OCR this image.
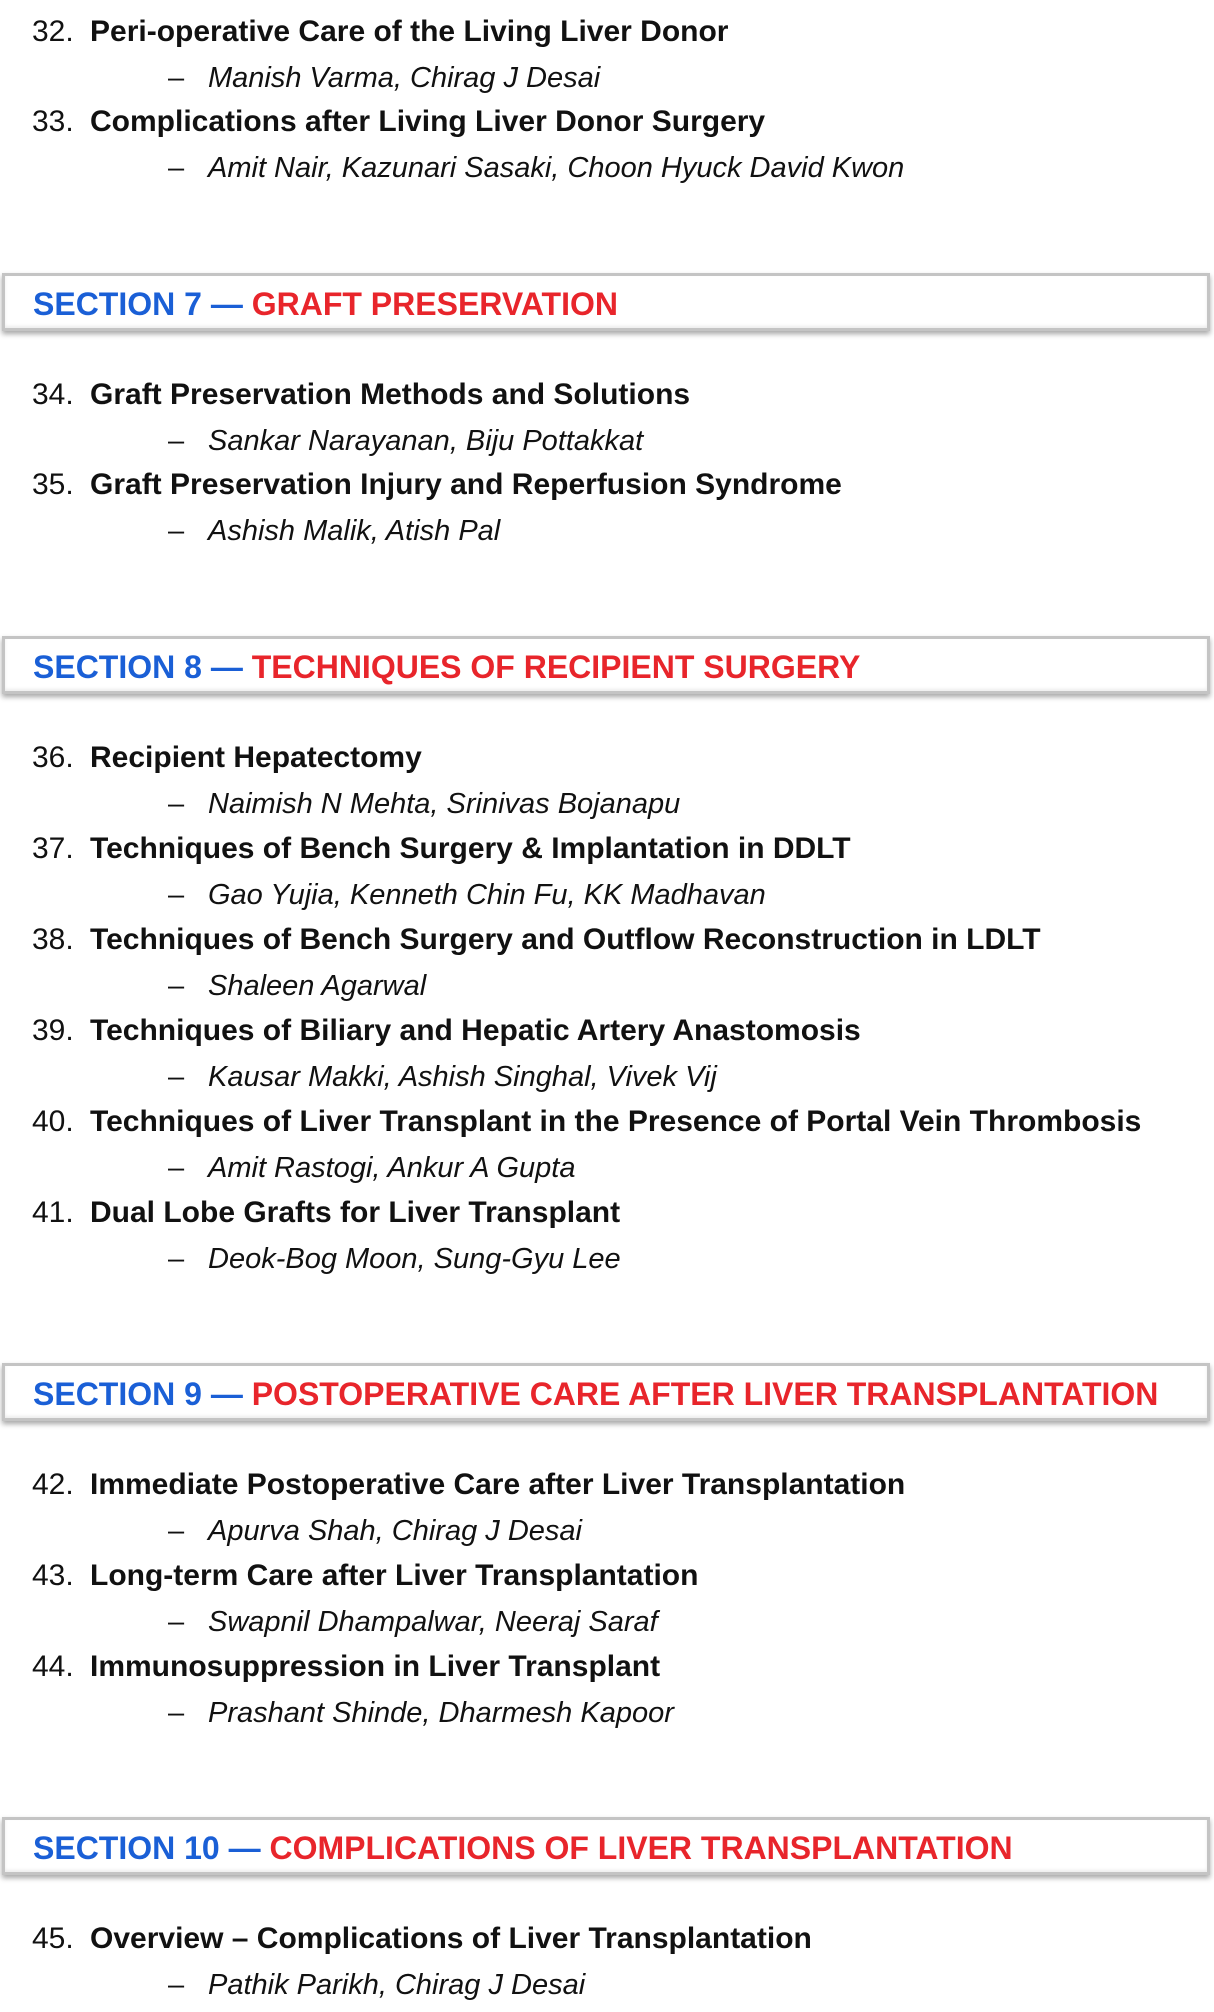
32. Peri-operative Care of the Living Liver Donor
– Manish Varma, Chirag J Desai
33. Complications after Living Liver Donor Surgery
– Amit Nair, Kazunari Sasaki, Choon Hyuck David Kwon
SECTION 7 — GRAFT PRESERVATION
34. Graft Preservation Methods and Solutions
– Sankar Narayanan, Biju Pottakkat
35. Graft Preservation Injury and Reperfusion Syndrome
– Ashish Malik, Atish Pal
SECTION 8 — TECHNIQUES OF RECIPIENT SURGERY
36. Recipient Hepatectomy
– Naimish N Mehta, Srinivas Bojanapu
37. Techniques of Bench Surgery & Implantation in DDLT
– Gao Yujia, Kenneth Chin Fu, KK Madhavan
38. Techniques of Bench Surgery and Outflow Reconstruction in LDLT
– Shaleen Agarwal
39. Techniques of Biliary and Hepatic Artery Anastomosis
– Kausar Makki, Ashish Singhal, Vivek Vij
40. Techniques of Liver Transplant in the Presence of Portal Vein Thrombosis
– Amit Rastogi, Ankur A Gupta
41. Dual Lobe Grafts for Liver Transplant
– Deok-Bog Moon, Sung-Gyu Lee
SECTION 9 — POSTOPERATIVE CARE AFTER LIVER TRANSPLANTATION
42. Immediate Postoperative Care after Liver Transplantation
– Apurva Shah, Chirag J Desai
43. Long-term Care after Liver Transplantation
– Swapnil Dhampalwar, Neeraj Saraf
44. Immunosuppression in Liver Transplant
– Prashant Shinde, Dharmesh Kapoor
SECTION 10 — COMPLICATIONS OF LIVER TRANSPLANTATION
45. Overview – Complications of Liver Transplantation
– Pathik Parikh, Chirag J Desai
